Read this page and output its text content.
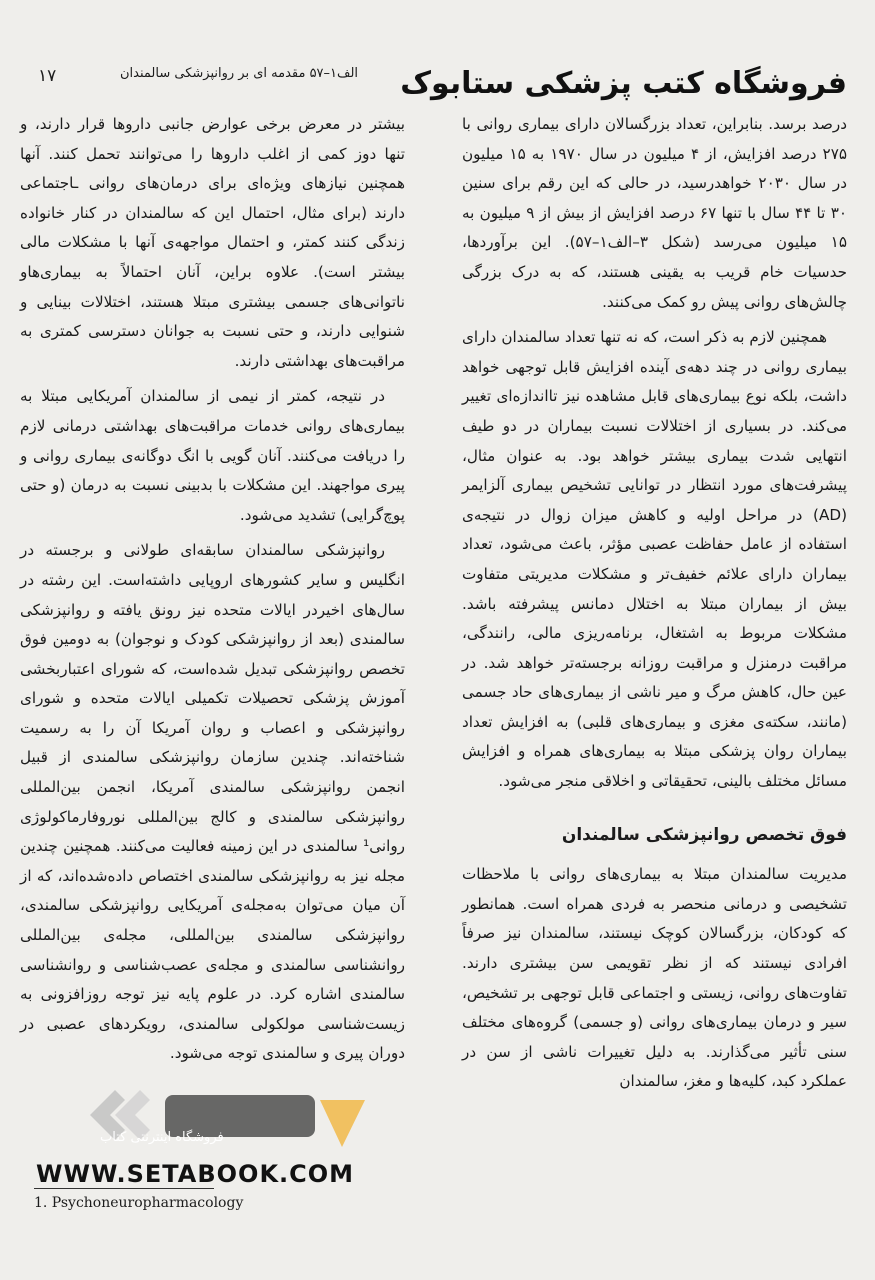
۱۷	الف۱–۵۷ مقدمه ای بر روانپزشکی سالمندان فروشگاه کتب پزشکی ستابوک

درصد برسد. بنابراین، تعداد بزرگسالان دارای بیماری روانی با ۲۷۵ درصد افزایش، از ۴ میلیون در سال ۱۹۷۰ به ۱۵ میلیون در سال ۲۰۳۰ خواهدرسید، در حالی که این رقم برای سنین ۳۰ تا ۴۴ سال با تنها ۶۷ درصد افزایش از بیش از ۹ میلیون به ۱۵ میلیون می‌رسد (شکل ۳–الف۱–۵۷). این برآوردها، حدسیات خام قریب به یقینی هستند، که به درک بزرگی چالش‌های روانی پیش رو کمک می‌کنند.

همچنین لازم به ذکر است، که نه تنها تعداد سالمندان دارای بیماری روانی در چند دهه‌ی آینده افزایش قابل توجهی خواهد داشت، بلکه نوع بیماری‌های قابل مشاهده نیز تااندازه‌ای تغییر می‌کند. در بسیاری از اختلالات نسبت بیماران در دو طیف انتهایی شدت بیماری بیشتر خواهد بود. به عنوان مثال، پیشرفت‌های مورد انتظار در توانایی تشخیص بیماری آلزایمر (AD) در مراحل اولیه و کاهش میزان زوال در نتیجه‌ی استفاده از عامل حفاظت عصبی مؤثر، باعث می‌شود، تعداد بیماران دارای علائم خفیف‌تر و مشکلات مدیریتی متفاوت بیش از بیماران مبتلا به اختلال دمانس پیشرفته باشد. مشکلات مربوط به اشتغال، برنامه‌ریزی مالی، رانندگی، مراقبت درمنزل و مراقبت روزانه برجسته‌تر خواهد شد. در عین حال، کاهش مرگ و میر ناشی از بیماری‌های حاد جسمی (مانند، سکته‌ی مغزی و بیماری‌های قلبی) به افزایش تعداد بیماران روان پزشکی مبتلا به بیماری‌های همراه و افزایش مسائل مختلف بالینی، تحقیقاتی و اخلاقی منجر می‌شود.

فوق تخصص روانپزشکی سالمندان

مدیریت سالمندان مبتلا به بیماری‌های روانی با ملاحظات تشخیصی و درمانی منحصر به فردی همراه است. همانطور که کودکان، بزرگسالان کوچک نیستند، سالمندان نیز صرفاً افرادی نیستند که از نظر تقویمی سن بیشتری دارند. تفاوت‌های روانی، زیستی و اجتماعی قابل توجهی بر تشخیص، سیر و درمان بیماری‌های روانی (و جسمی) گروه‌های مختلف سنی تأثیر می‌گذارند. به دلیل تغییرات ناشی از سن در عملکرد کبد، کلیه‌ها و مغز، سالمندان

بیشتر در معرض برخی عوارض جانبی داروها قرار دارند، و تنها دوز کمی از اغلب داروها را می‌توانند تحمل کنند. آنها همچنین نیازهای ویژه‌ای برای درمان‌های روانی ـاجتماعی دارند (برای مثال، احتمال این که سالمندان در کنار خانواده زندگی کنند کمتر، و احتمال مواجهه‌ی آنها با مشکلات مالی بیشتر است). علاوه براین، آنان احتمالاً به بیماری‌هاو ناتوانی‌های جسمی بیشتری مبتلا هستند، اختلالات بینایی و شنوایی دارند، و حتی نسبت به جوانان دسترسی کمتری به مراقبت‌های بهداشتی دارند.

در نتیجه، کمتر از نیمی از سالمندان آمریکایی مبتلا به بیماری‌های روانی خدمات مراقبت‌های بهداشتی درمانی لازم را دریافت می‌کنند. آنان گویی با انگ دوگانه‌ی بیماری روانی و پیری مواجهند. این مشکلات با بدبینی نسبت به درمان (و حتی پوچ‌گرایی) تشدید می‌شود.

روانپزشکی سالمندان سابقه‌ای طولانی و برجسته در انگلیس و سایر کشورهای اروپایی داشته‌است. این رشته در سال‌های اخیردر ایالات متحده نیز رونق یافته و روانپزشکی سالمندی (بعد از روانپزشکی کودک و نوجوان) به دومین فوق تخصص روانپزشکی تبدیل شده‌است، که شورای اعتباربخشی آموزش پزشکی تحصیلات تکمیلی ایالات متحده و شورای روانپزشکی و اعصاب و روان آمریکا آن را به رسمیت شناخته‌اند. چندین سازمان روانپزشکی سالمندی از قبیل انجمن روانپزشکی سالمندی آمریکا، انجمن بین‌المللی روانپزشکی سالمندی و کالج بین‌المللی نوروفارماکولوژی روانی¹ سالمندی در این زمینه فعالیت می‌کنند. همچنین چندین مجله نیز به روانپزشکی سالمندی اختصاص داده‌شده‌اند، که از آن میان می‌توان به‌مجله‌ی آمریکایی روانپزشکی سالمندی، روانپزشکی سالمندی بین‌المللی، مجله‌ی بین‌المللی روانشناسی سالمندی و مجله‌ی عصب‌شناسی و روانشناسی سالمندی اشاره کرد. در علوم پایه نیز توجه روزافزونی به زیست‌شناسی مولکولی سالمندی، رویکردهای عصبی در دوران پیری و سالمندی توجه می‌شود.

فروشگاه اینترنتی کتاب
WWW.SETABOOK.COM
1. Psychoneuropharmacology
